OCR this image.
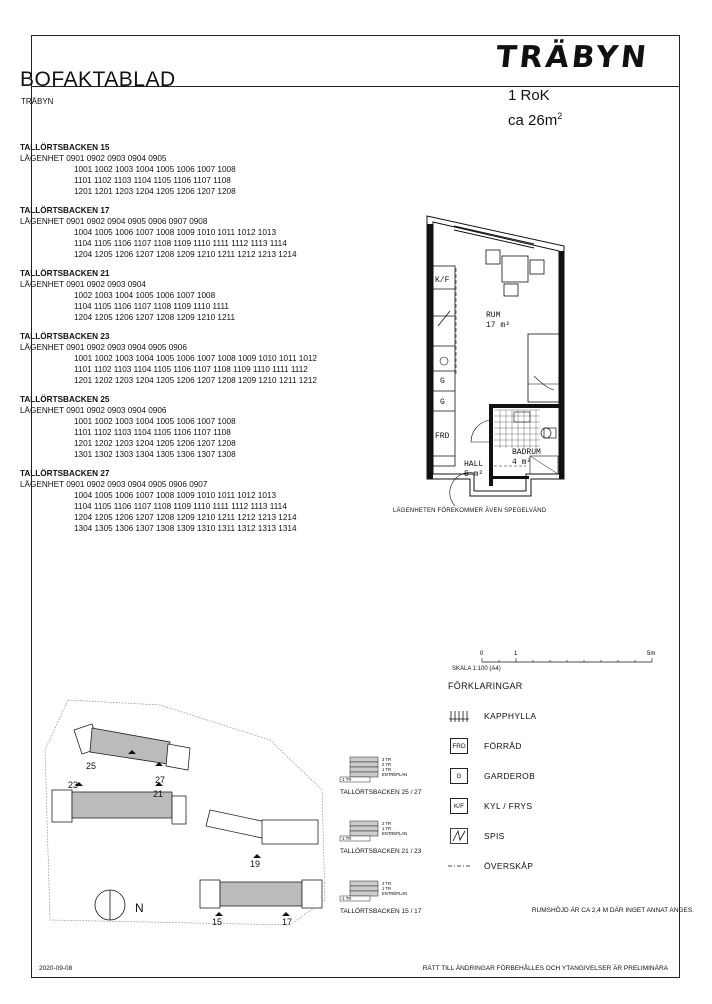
TRÄBYN
BOFAKTABLAD
TRÄBYN	1 RoK
ca $26m^2$
TALLÖRTSBACKEN 15
LÄGENHET 0901 0902 0903 0904 0905
1001 1002 1003 1004 1005 1006 1007 1008
1101 1102 1103 1104 1105 1106 1107 1108
1201 1201 1203 1204 1205 1206 1207 1208
TALLÖRTSBACKEN 17
LÄGENHET 0901 0902 0904 0905 0906 0907 0908
1004 1005 1006 1007 1008 1009 1010 1011 1012 1013
1104 1105 1106 1107 1108 1109 1110 1111 1112 1113 1114
1204 1205 1206 1207 1208 1209 1210 1211 1212 1213 1214
TALLÖRTSBACKEN 21
LÄGENHET 0901 0902 0903 0904
1002 1003 1004 1005 1006 1007 1008
1104 1105 1106 1107 1108 1109 1110 1111
1204 1205 1206 1207 1208 1209 1210 1211
TALLÖRTSBACKEN 23
LÄGENHET 0901 0902 0903 0904 0905 0906
1001 1002 1003 1004 1005 1006 1007 1008 1009 1010 1011 1012
1101 1102 1103 1104 1105 1106 1107 1108 1109 1110 1111 1112
1201 1202 1203 1204 1205 1206 1207 1208 1209 1210 1211 1212
TALLÖRTSBACKEN 25
LÄGENHET 0901 0902 0903 0904 0906
1001 1002 1003 1004 1005 1006 1007 1008
1101 1102 1103 1104 1105 1106 1107 1108
1201 1202 1203 1204 1205 1206 1207 1208
1301 1302 1303 1304 1305 1306 1307 1308
TALLÖRTSBACKEN 27
LÄGENHET 0901 0902 0903 0904 0905 0906 0907
1004 1005 1006 1007 1008 1009 1010 1011 1012 1013
1104 1105 1106 1107 1108 1109 1110 1111 1112 1113 1114
1204 1205 1206 1207 1208 1209 1210 1211 1212 1213 1214
1304 1305 1306 1307 1308 1309 1310 1311 1312 1313 1314
K/F
G
G
FRD
RUM
17 m²
BADRUM
4 m²
HALL
5 m²
LÄGENHETEN FÖREKOMMER ÄVEN SPEGELVÄND
0	1	5m
SKALA 1:100 (A4)
FÖRKLARINGAR
KAPPHYLLA
FRD FÖRRÅD
G	GARDEROB
K/F	KYL / FRYS
SPIS
ÖVERSKÅP
25
27
23
21
19
15	17
N
3 TR
2 TR
1 TR
ENTRÉPLAN
-1 TR
TALLÖRTSBACKEN 25 / 27
2 TR
1 TR
ENTRÉPLAN
-1 TR
TALLÖRTSBACKEN 21 / 23
2 TR
1 TR
ENTRÉPLAN
-1 TR
TALLÖRTSBACKEN 15 / 17	RUMSHÖJD ÄR CA 2,4 M DÄR INGET ANNAT ANGES.
2020-09-08	RÄTT TILL ÄNDRINGAR FÖRBEHÅLLES OCH YTANGIVELSER ÄR PRELIMINÄRA
